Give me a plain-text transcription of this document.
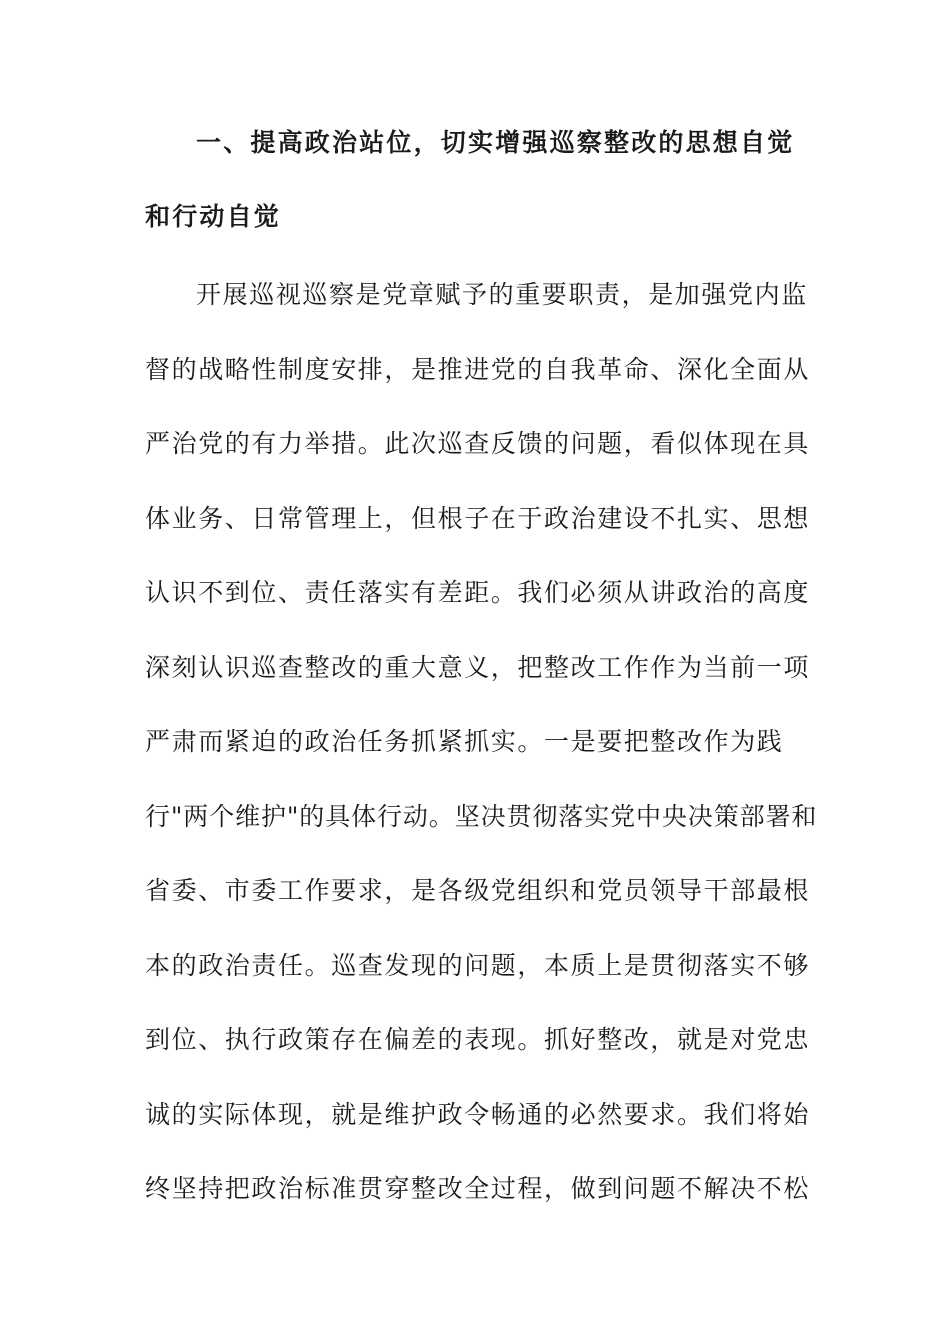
一、提高政治站位，切实增强巡察整改的思想自觉
和行动自觉
开展巡视巡察是党章赋予的重要职责，是加强党内监
督的战略性制度安排，是推进党的自我革命、深化全面从
严治党的有力举措。此次巡查反馈的问题，看似体现在具
体业务、日常管理上，但根子在于政治建设不扎实、思想
认识不到位、责任落实有差距。我们必须从讲政治的高度
深刻认识巡查整改的重大意义，把整改工作作为当前一项
严肃而紧迫的政治任务抓紧抓实。一是要把整改作为践
行"两个维护"的具体行动。坚决贯彻落实党中央决策部署和
省委、市委工作要求，是各级党组织和党员领导干部最根
本的政治责任。巡查发现的问题，本质上是贯彻落实不够
到位、执行政策存在偏差的表现。抓好整改，就是对党忠
诚的实际体现，就是维护政令畅通的必然要求。我们将始
终坚持把政治标准贯穿整改全过程，做到问题不解决不松
